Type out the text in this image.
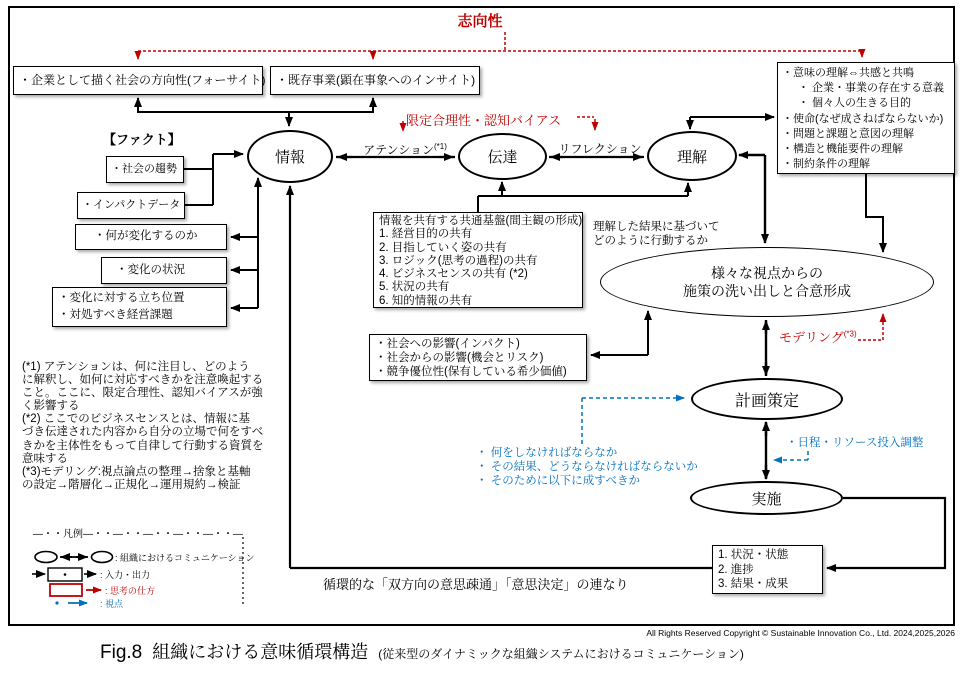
志向性
・企業として描く社会の方向性(フォーサイト) ・既存事業(顕在事象へのインサイト)
【ファクト】
・社会の趨勢
・インパクトデータ
・何が変化するのか
・変化の状況
・変化に対する立ち位置
・対処すべき経営課題
情報	伝達	理解
アテンション$^{(*1)}$	リフレクション
限定合理性・認知バイアス
・意味の理解⇔共感と共鳴
・ 企業・事業の存在する意義
・ 個々人の生きる目的
・使命(なぜ成さねばならないか)
・問題と課題と意図の理解
・構造と機能要件の理解
・制約条件の理解
情報を共有する共通基盤(間主観の形成)
1. 経営目的の共有
2. 目指していく姿の共有
3. ロジック(思考の過程)の共有
4. ビジネスセンスの共有 (*2)
5. 状況の共有
6. 知的情報の共有
理解した結果に基づいて
どのように行動するか
様々な視点からの
施策の洗い出しと合意形成
・社会への影響(インパクト)
・社会からの影響(機会とリスク)
・競争優位性(保有している希少価値)
モデリング$^{(*3)}$
計画策定
実施
・日程・リソース投入調整
・ 何をしなければならなか
・ その結果、どうならなければならないか
・ そのために以下に成すべきか
(*1) アテンションは、何に注目し、どのよう
に解釈し、如何に対応すべきかを注意喚起する
こと。ここに、限定合理性、認知バイアスが強
く影響する
(*2) ここでのビジネスセンスとは、情報に基
づき伝達された内容から自分の立場で何をすべ
きかを主体性をもって自律して行動する資質を
意味する
(*3)モデリング:視点論点の整理→捨象と基軸
の設定→階層化→正規化→運用規約→検証
―・・凡例―・・―・・―・・―・・―・・―
: 組織におけるコミュニケーション
: 入力・出力
: 思考の仕方
: 視点
1. 状況・状態
2. 進捗
3. 結果・成果
循環的な「双方向の意思疎通」「意思決定」の連なり
All Rights Reserved Copyright © Sustainable Innovation Co., Ltd. 2024,2025,2026
Fig.8 組織における意味循環構造 (従来型のダイナミックな組織システムにおけるコミュニケーション)
